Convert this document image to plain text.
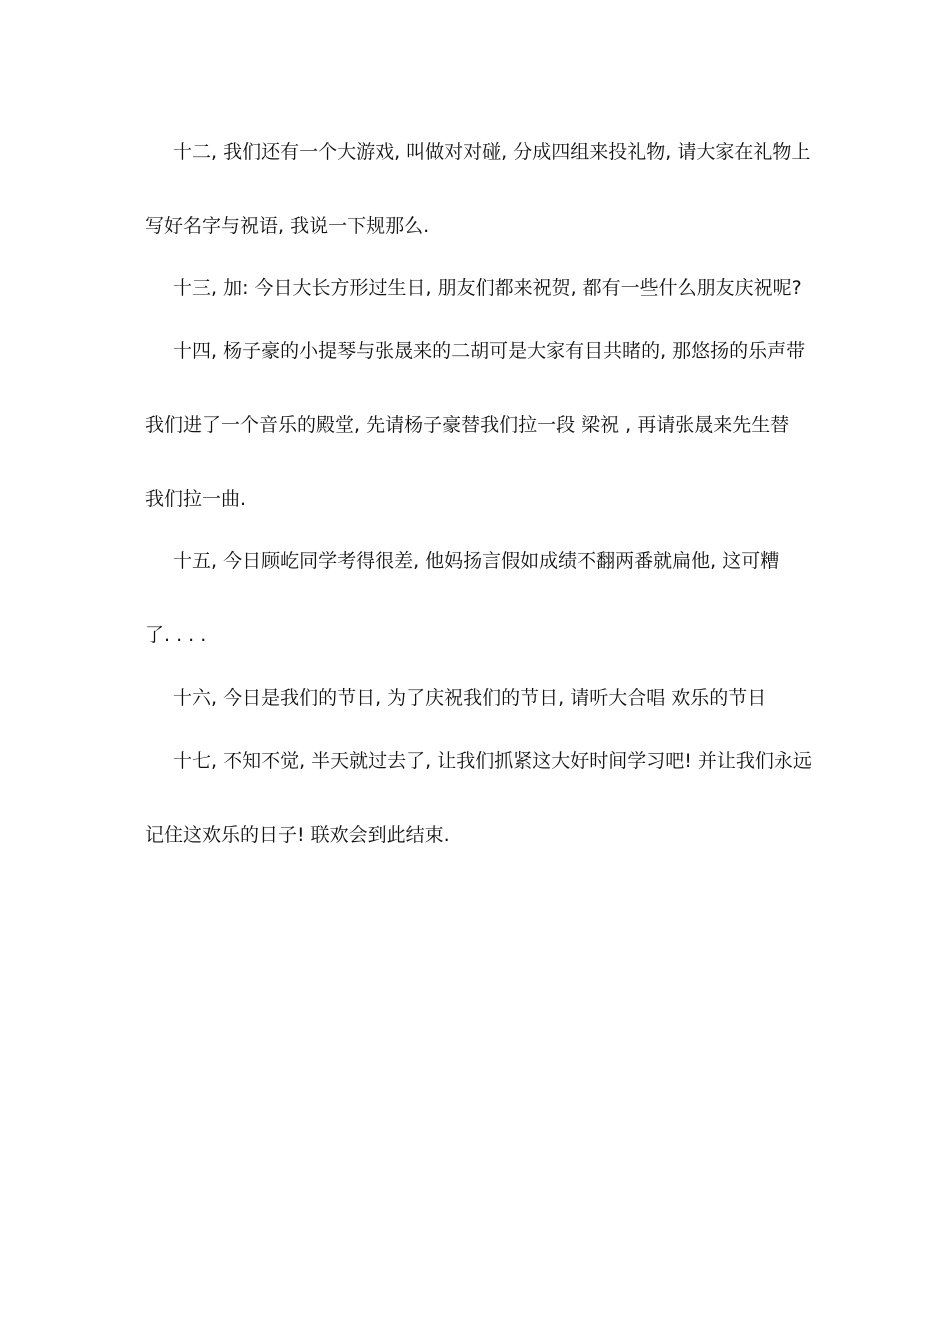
十二, 我们还有一个大游戏, 叫做对对碰, 分成四组来投礼物, 请大家在礼物上
写好名字与祝语, 我说一下规那么.
十三, 加: 今日大长方形过生日, 朋友们都来祝贺, 都有一些什么朋友庆祝呢?
十四, 杨子豪的小提琴与张晟来的二胡可是大家有目共睹的, 那悠扬的乐声带
我们进了一个音乐的殿堂, 先请杨子豪替我们拉一段 梁祝 , 再请张晟来先生替
我们拉一曲.
十五, 今日顾屹同学考得很差, 他妈扬言假如成绩不翻两番就扁他, 这可糟
了. . . .
十六, 今日是我们的节日, 为了庆祝我们的节日, 请听大合唱 欢乐的节日
十七, 不知不觉, 半天就过去了, 让我们抓紧这大好时间学习吧! 并让我们永远
记住这欢乐的日子! 联欢会到此结束.
